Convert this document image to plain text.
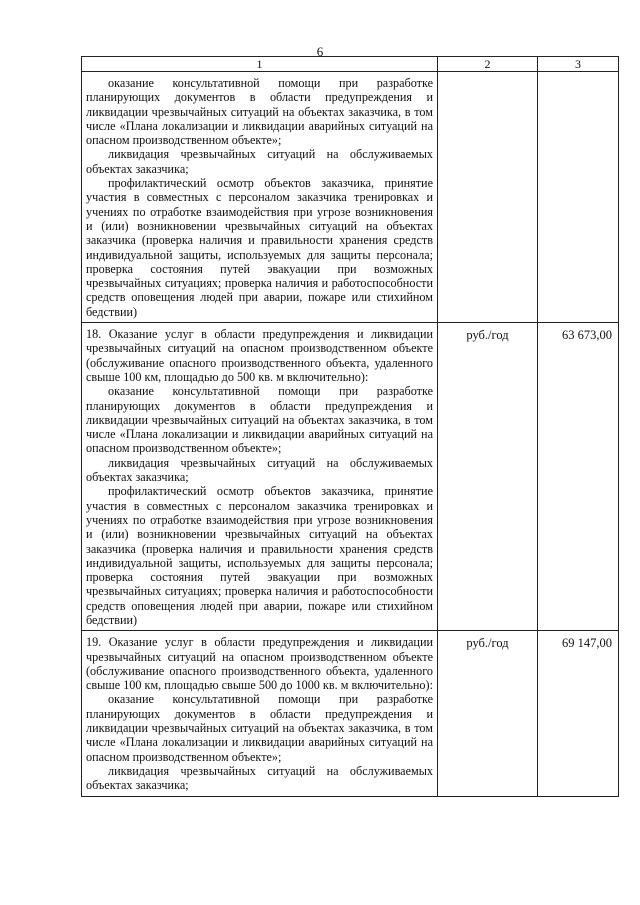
6
1	2	3

оказание консультативной помощи при разработке планирующих документов в области предупреждения и ликвидации чрезвычайных ситуаций на объектах заказчика, в том числе «Плана локализации и ликвидации аварийных ситуаций на опасном производственном объекте»;

ликвидация чрезвычайных ситуаций на обслуживаемых объектах заказчика;

профилактический осмотр объектов заказчика, принятие участия в совместных с персоналом заказчика тренировках и учениях по отработке взаимодействия при угрозе возникновения и (или) возникновении чрезвычайных ситуаций на объектах заказчика (проверка наличия и правильности хранения средств индивидуальной защиты, используемых для защиты персонала; проверка состояния путей эвакуации при возможных чрезвычайных ситуациях; проверка наличия и работоспособности средств оповещения людей при аварии, пожаре или стихийном бедствии)		

18. Оказание услуг в области предупреждения и ликвидации чрезвычайных ситуаций на опасном производственном объекте (обслуживание опасного производственного объекта, удаленного свыше 100 км, площадью до 500 кв. м включительно):

оказание консультативной помощи при разработке планирующих документов в области предупреждения и ликвидации чрезвычайных ситуаций на объектах заказчика, в том числе «Плана локализации и ликвидации аварийных ситуаций на опасном производственном объекте»;

ликвидация чрезвычайных ситуаций на обслуживаемых объектах заказчика;

профилактический осмотр объектов заказчика, принятие участия в совместных с персоналом заказчика тренировках и учениях по отработке взаимодействия при угрозе возникновения и (или) возникновении чрезвычайных ситуаций на объектах заказчика (проверка наличия и правильности хранения средств индивидуальной защиты, используемых для защиты персонала; проверка состояния путей эвакуации при возможных чрезвычайных ситуациях; проверка наличия и работоспособности средств оповещения людей при аварии, пожаре или стихийном бедствии)	руб./год	63 673,00

19. Оказание услуг в области предупреждения и ликвидации чрезвычайных ситуаций на опасном производственном объекте (обслуживание опасного производственного объекта, удаленного свыше 100 км, площадью свыше 500 до 1000 кв. м включительно):

оказание консультативной помощи при разработке планирующих документов в области предупреждения и ликвидации чрезвычайных ситуаций на объектах заказчика, в том числе «Плана локализации и ликвидации аварийных ситуаций на опасном производственном объекте»;

ликвидация чрезвычайных ситуаций на обслуживаемых объектах заказчика;	руб./год	69 147,00
